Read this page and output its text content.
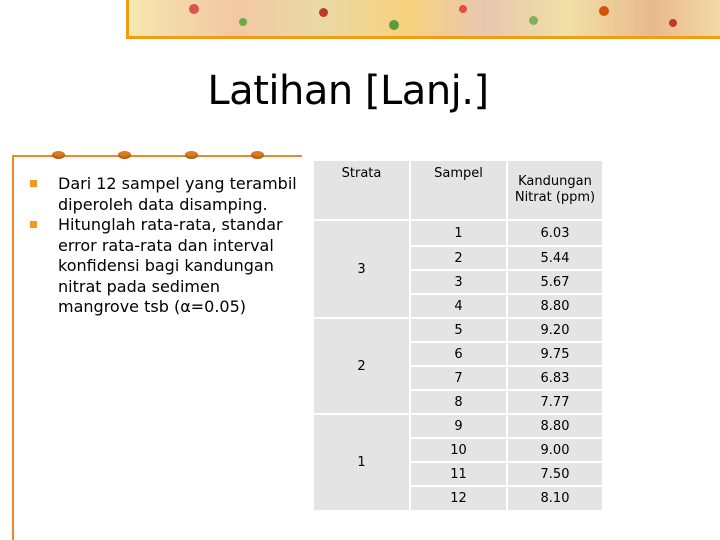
Latihan [Lanj.]
Dari 12 sampel yang terambil diperoleh data disamping.
Hitunglah rata-rata, standar error rata-rata dan interval konfidensi bagi kandungan nitrat pada sedimen mangrove tsb (α=0.05)
Strata	Sampel	Kandungan Nitrat (ppm)
3	1	6.03
	2	5.44
	3	5.67
	4	8.80
2	5	9.20
	6	9.75
	7	6.83
	8	7.77
1	9	8.80
	10	9.00
	11	7.50
	12	8.10
